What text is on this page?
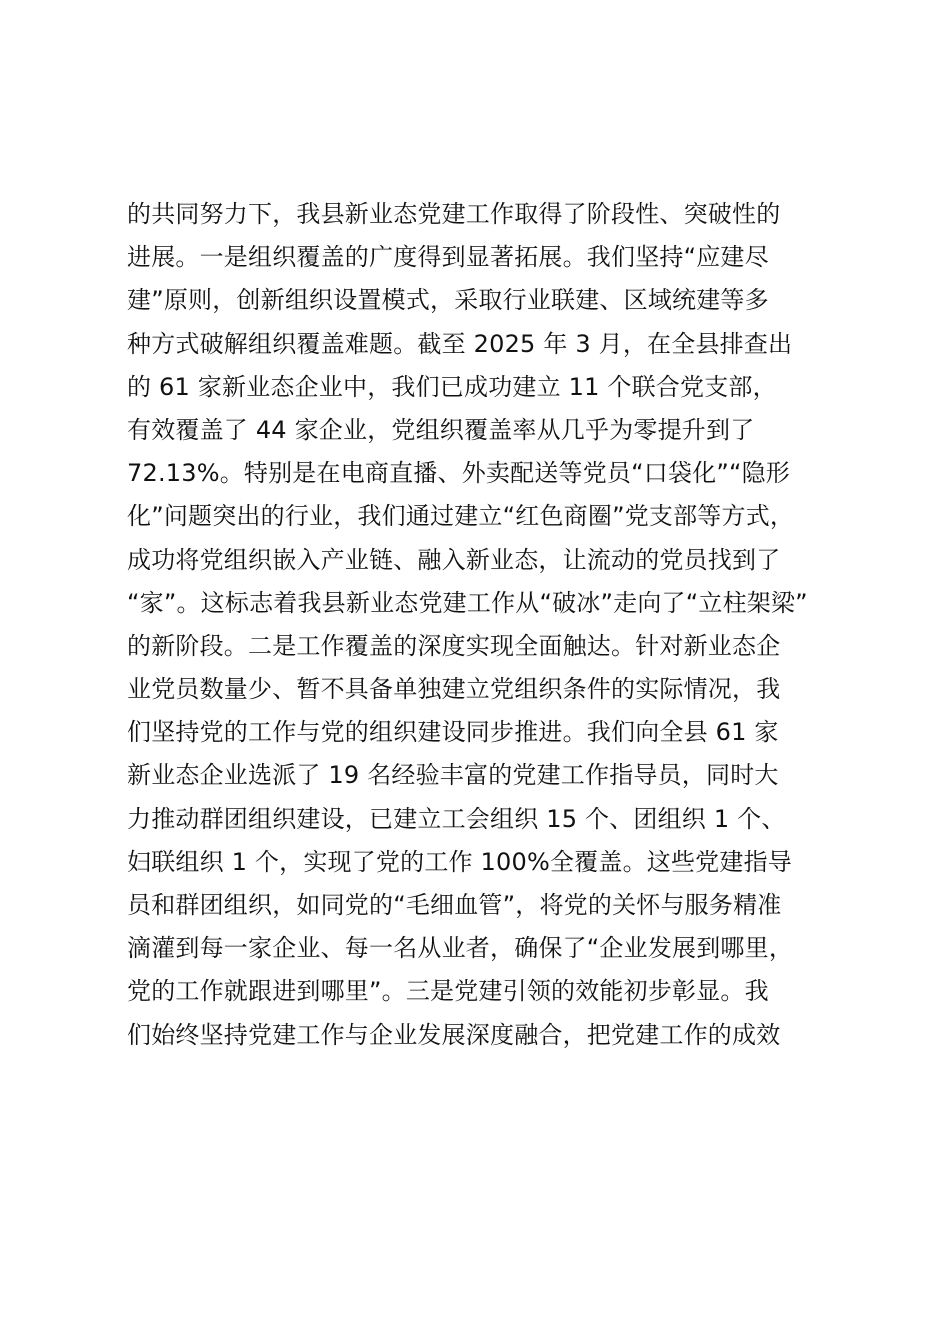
的共同努力下，我县新业态党建工作取得了阶段性、突破性的
进展。一是组织覆盖的广度得到显著拓展。我们坚持“应建尽
建”原则，创新组织设置模式，采取行业联建、区域统建等多
种方式破解组织覆盖难题。截至 2025 年 3 月，在全县排查出
的 61 家新业态企业中，我们已成功建立 11 个联合党支部，
有效覆盖了 44 家企业，党组织覆盖率从几乎为零提升到了
72.13%。特别是在电商直播、外卖配送等党员“口袋化”“隐形
化”问题突出的行业，我们通过建立“红色商圈”党支部等方式，
成功将党组织嵌入产业链、融入新业态，让流动的党员找到了
“家”。这标志着我县新业态党建工作从“破冰”走向了“立柱架梁”
的新阶段。二是工作覆盖的深度实现全面触达。针对新业态企
业党员数量少、暂不具备单独建立党组织条件的实际情况，我
们坚持党的工作与党的组织建设同步推进。我们向全县 61 家
新业态企业选派了 19 名经验丰富的党建工作指导员，同时大
力推动群团组织建设，已建立工会组织 15 个、团组织 1 个、
妇联组织 1 个，实现了党的工作 100%全覆盖。这些党建指导
员和群团组织，如同党的“毛细血管”，将党的关怀与服务精准
滴灌到每一家企业、每一名从业者，确保了“企业发展到哪里，
党的工作就跟进到哪里”。三是党建引领的效能初步彰显。我
们始终坚持党建工作与企业发展深度融合，把党建工作的成效
